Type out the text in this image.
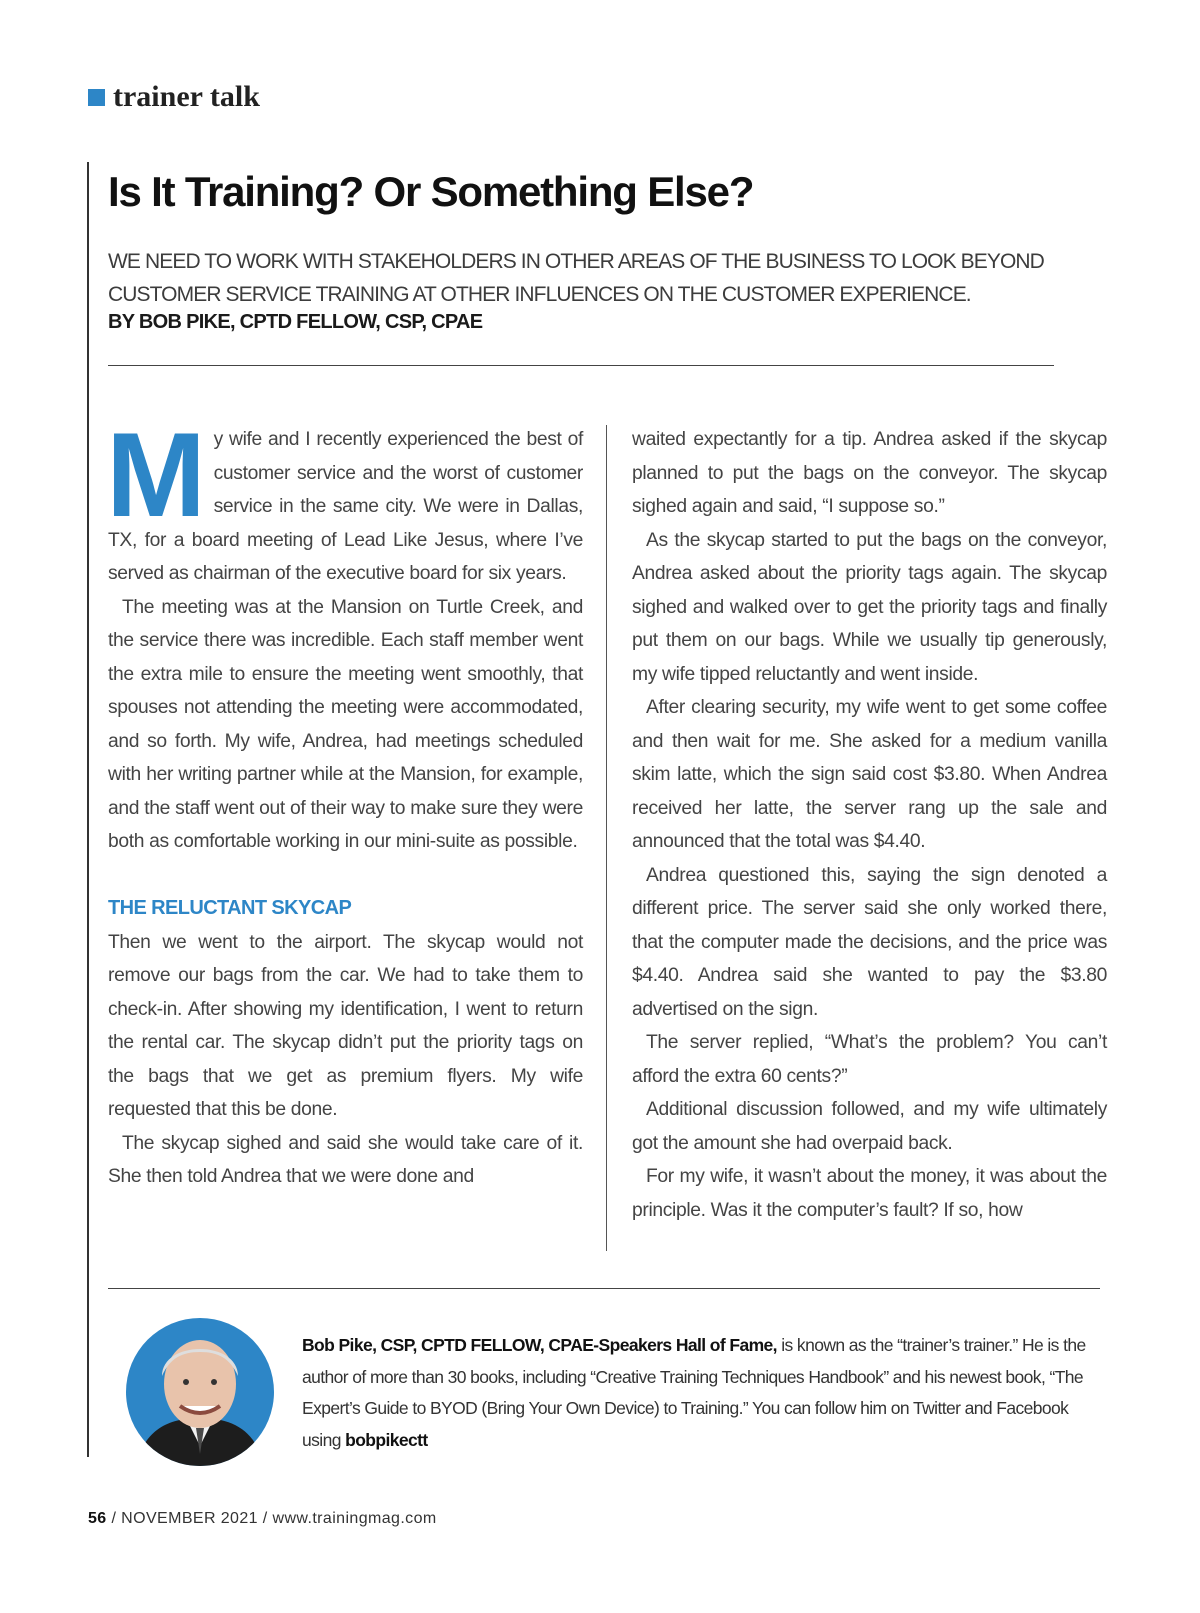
trainer talk
Is It Training? Or Something Else?

WE NEED TO WORK WITH STAKEHOLDERS IN OTHER AREAS OF THE BUSINESS TO LOOK BEYOND CUSTOMER SERVICE TRAINING AT OTHER INFLUENCES ON THE CUSTOMER EXPERIENCE.

BY BOB PIKE, CPTD FELLOW, CSP, CPAE

My wife and I recently experienced the best of customer service and the worst of customer service in the same city. We were in Dallas, TX, for a board meeting of Lead Like Jesus, where I’ve served as chairman of the executive board for six years.

The meeting was at the Mansion on Turtle Creek, and the service there was incredible. Each staff member went the extra mile to ensure the meeting went smoothly, that spouses not attending the meeting were accommodated, and so forth. My wife, Andrea, had meetings scheduled with her writing partner while at the Mansion, for example, and the staff went out of their way to make sure they were both as comfortable working in our mini-suite as possible.

THE RELUCTANT SKYCAP

Then we went to the airport. The skycap would not remove our bags from the car. We had to take them to check-in. After showing my identification, I went to return the rental car. The skycap didn’t put the priority tags on the bags that we get as premium flyers. My wife requested that this be done.

The skycap sighed and said she would take care of it. She then told Andrea that we were done and

waited expectantly for a tip. Andrea asked if the skycap planned to put the bags on the conveyor. The skycap sighed again and said, “I suppose so.”

As the skycap started to put the bags on the conveyor, Andrea asked about the priority tags again. The skycap sighed and walked over to get the priority tags and finally put them on our bags. While we usually tip generously, my wife tipped reluctantly and went inside.

After clearing security, my wife went to get some coffee and then wait for me. She asked for a medium vanilla skim latte, which the sign said cost $3.80. When Andrea received her latte, the server rang up the sale and announced that the total was $4.40.

Andrea questioned this, saying the sign denoted a different price. The server said she only worked there, that the computer made the decisions, and the price was $4.40. Andrea said she wanted to pay the $3.80 advertised on the sign.

The server replied, “What’s the problem? You can’t afford the extra 60 cents?”

Additional discussion followed, and my wife ultimately got the amount she had overpaid back.

For my wife, it wasn’t about the money, it was about the principle. Was it the computer’s fault? If so, how

Bob Pike, CSP, CPTD FELLOW, CPAE-Speakers Hall of Fame, is known as the “trainer’s trainer.” He is the author of more than 30 books, including “Creative Training Techniques Handbook” and his newest book, “The Expert’s Guide to BYOD (Bring Your Own Device) to Training.” You can follow him on Twitter and Facebook using bobpikectt

56 / NOVEMBER 2021 / www.trainingmag.com
